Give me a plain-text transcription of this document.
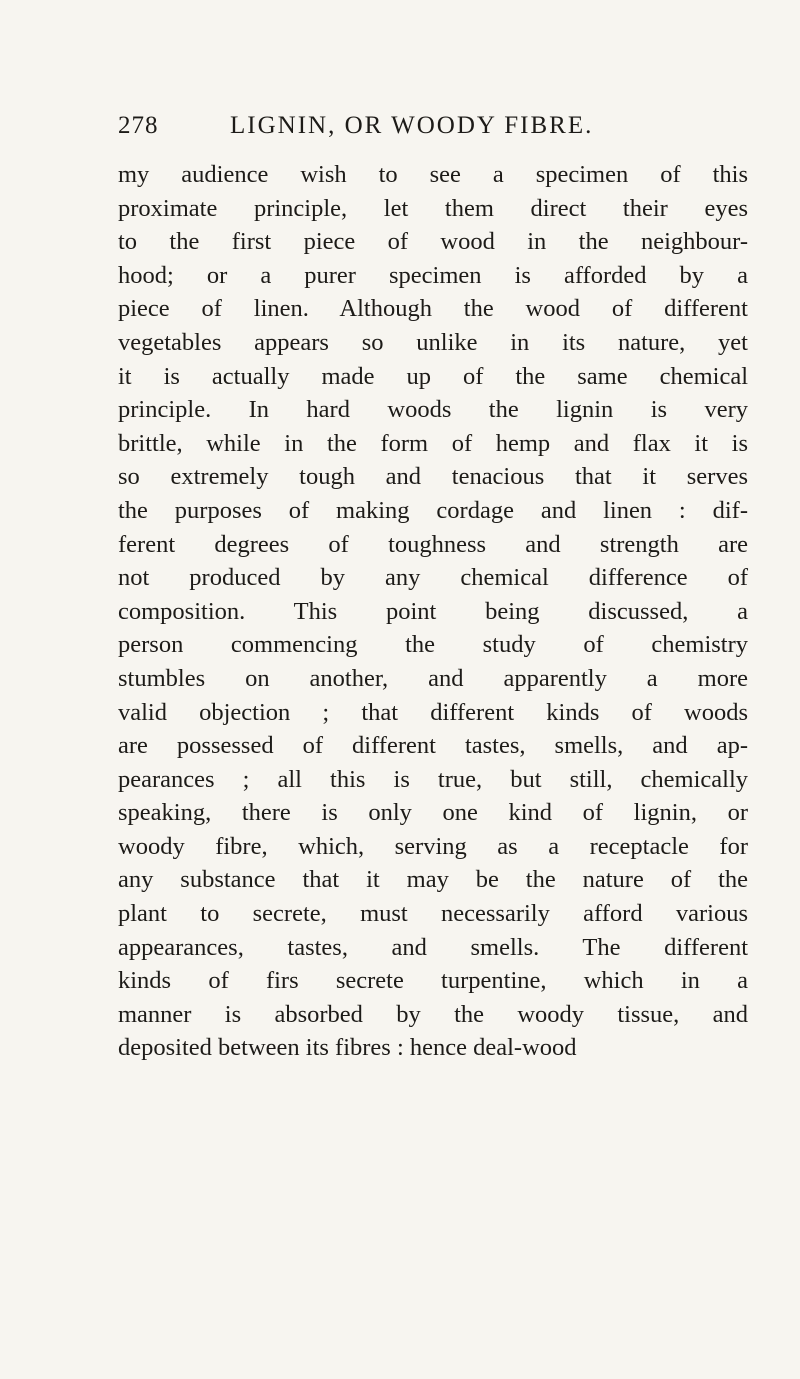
278	LIGNIN, OR WOODY FIBRE.
my audience wish to see a specimen of this
proximate principle, let them direct their eyes
to the first piece of wood in the neighbour-
hood; or a purer specimen is afforded by a
piece of linen. Although the wood of different
vegetables appears so unlike in its nature, yet
it is actually made up of the same chemical
principle. In hard woods the lignin is very
brittle, while in the form of hemp and flax it is
so extremely tough and tenacious that it serves
the purposes of making cordage and linen : dif-
ferent degrees of toughness and strength are
not produced by any chemical difference of
composition. This point being discussed, a
person commencing the study of chemistry
stumbles on another, and apparently a more
valid objection ; that different kinds of woods
are possessed of different tastes, smells, and ap-
pearances ; all this is true, but still, chemically
speaking, there is only one kind of lignin, or
woody fibre, which, serving as a receptacle for
any substance that it may be the nature of the
plant to secrete, must necessarily afford various
appearances, tastes, and smells. The different
kinds of firs secrete turpentine, which in a
manner is absorbed by the woody tissue, and
deposited between its fibres : hence deal-wood
